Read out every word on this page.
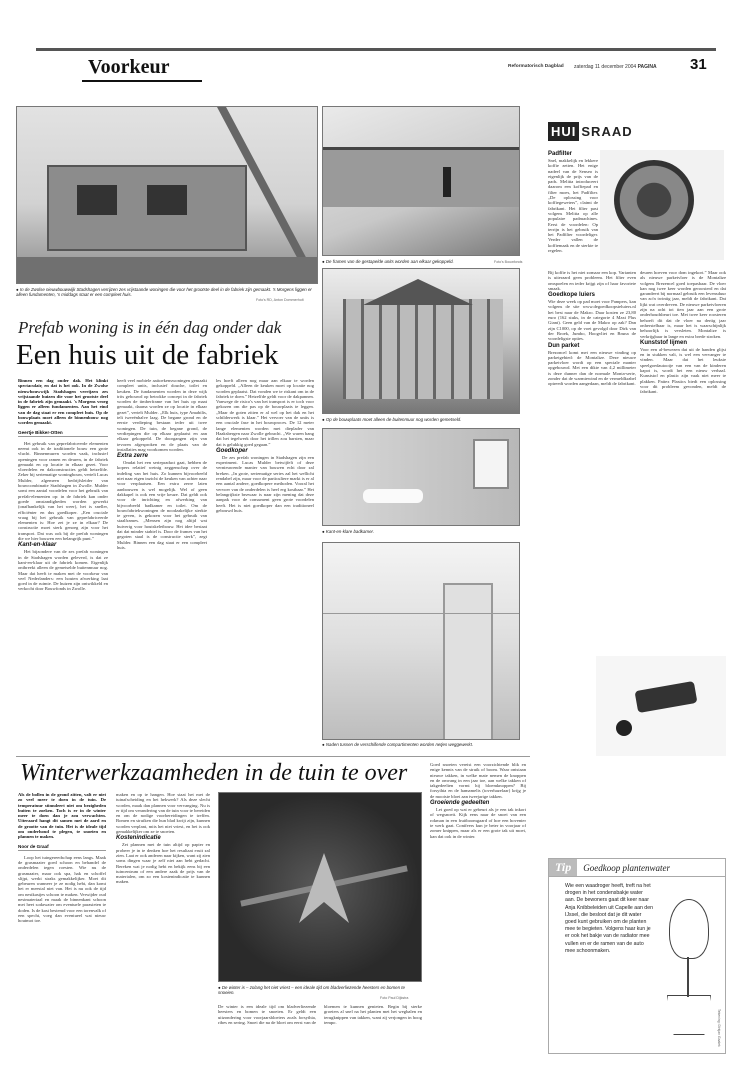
Voorkeur	Reformatorisch Dagblad zaterdag 11 december 2004 PAGINA 31
● In de Zwolse nieuwbouwwijk Stadshagen verrijzen zes vrijstaande woningen die voor het grootste deel in de fabriek zijn gemaakt. 's Morgens liggen er alleen fundamenten, 's middags staat er een compleet huis.
Foto's RD, Anton Dommerholt
● De frames van de gestapelde units worden aan elkaar gekoppeld.	Foto's Bouwfonds
● Op de bouwplaats moet alleen de buitenmuur nog worden gemetseld.
● Kant-en-klare badkamer.
● Naden tussen de verschillende compartimenten worden netjes weggewerkt.
Prefab woning is in één dag onder dak
Een huis uit de fabriek

Binnen een dag onder dak. Het klinkt spectaculair, en dat is het ook. In de Zwolse nieuwbouwwijk Stadshagen verrijzen zes vrijstaande huizen die voor het grootste deel in de fabriek zijn gemaakt. 's Morgens vroeg liggen er alleen fundamenten. Aan het eind van de dag staat er een compleet huis. Op de bouwplaats moet alleen de binnenbouw nog worden gemaakt.

Geertje Bikker-Otten

Het gebruik van geprefabriceerde elementen neemt ook in de traditionele bouw een grote vlucht. Binnenmuren worden vaak, inclusief openingen voor ramen en deuren, in de fabriek gemaakt en op locatie in elkaar gezet. Voor vloerdelen en dakconstructies geldt hetzelfde. Zeker bij seriematige woningbouw, vertelt Lucas Mulder, algemeen bedrijfsleider van bouwcombinatie Stadshagen in Zwolle. Mulder somt een aantal voordelen voor het gebruik van prefab-elementen op: in de fabriek kan onder goede omstandigheden worden gewerkt (onafhankelijk van het weer), het is sneller, efficiënter en dus goedkoper. „Een cruciale vraag bij het gebruik van geprefabriceerde elementen is: Hoe zet je ze in elkaar? De constructie moet sterk genoeg zijn voor het transport. Dat was ook bij de prefab woningen die we hier bouwen een belangrijk punt.”

Kant-en-klaar

Het bijzondere van de zes prefab woningen in de Stadshagen worden geleverd, is dat ze kant-en-klaar uit de fabriek komen. Eigenlijk ontbreekt alleen de gemetselde buitenmuur nog. Maar dat heeft te maken met de voorkeur van veel Nederlanders: een houten afwerking laat goed in de ruimte. De huizen zijn ontwikkeld en verkocht door Bouwfonds in Zwolle.

heeft veel mobiele aaitoekenswoningen gemaakt compleet units, inclusief douche, toilet en keuken. De fundamenten worden in deze wijk trits gebouwd op betrokke concept in de fabriek worden de timberframe van het huis op maat gemaakt, daarna worden ze op locatie in elkaar gezet”, vertelt Mulder. „Elk huis, type Amabilis, telt tweeënhalve laag. De begane grond en de eerste verdieping bestaan ieder uit twee woningen. De tuin, de begane grond, de verdiepingen die op elkaar geplaatst en aan elkaar gekoppeld. De doorgangen zijn van tevoren afgesproken en de plaats van de installaties mag voorkomen worden.

Extra zerre

Omdat het een seriepraduct gaat, hebben de kopers relatief weinig zeggenschap over de indeling van het huis. Zo kunnen bijvoorbeeld niet naar eigen inzicht de keuken van achter naar voor verplaatsen. Een extra zerre laten aanbouwen is wel mogelijk. Wel of geen dakkapel is ook een vrije keuze. Dat geldt ook voor de inrichting en afwerking van bijvoorbeeld badkamer en toilet. Om de bouwfabriekwoningen de noodzakelijke sterkte te geven, is gekozen voor het gebruik van staalframes. „Mensen zijn nog altijd wat huiverig voor houtskeletbouw. Het idee bestaat dat dat minder stabiel is. Door de frames van het gegoten staal is de constructie sterk”, zegt Mulder. Binnen een dag staat er een compleet huis.

les hoeft alleen nog maar aan elkaar te worden gekoppeld. „Alleen de keuken moet op locatie nog worden geplaatst. Dat vonden we te riskant om in de fabriek te doen.” Hetzelfde geldt voor de dakpannen. Vanwege de risico's van het transport is er toch voor gekozen om die pas op de bouwplaats te leggen. „Maar de goten zitten er al wel op het dak en het schilderwerk is klaar.” Het vervoer van de units is een cruciale fase in het bouwproces. De 12 meter lange elementen worden met dieplader van Haaksbergen naar Zwolle gebracht. „We waren bang dat het tegelwerk door het trillen zou barsten, maar dat is gelukkig goed gegaan.”

Goedkoper

De zes prefab woningen in Stadshagen zijn een experiment. Lucas Mulder betwijfelt of deze vernieuwende manier van bouwen echt door zal breken. „In grote, seriematige series zal het wellicht rendabel zijn, maar voor de particuliere markt is er al een aantal andere, goedkopere methoden. Vooral het vervoer van de onderdelen is heel erg kostbaar.” Het belangrijkste bezwaar is naar zijn mening dat deze aanpak voor de consument geen grote voordelen heeft. Het is niet goedkoper dan een traditioneel gebouwd huis.

HUI SRAAD
Padfilter

Snel, makkelijk en lekkere koffie zetten. Het enige nadeel van de Senseo is eigenlijk de prijs van de pads. Melitta introduceert daarom een koffiepad en filter moes, het Padfilter. „De oplossing voor koffiegeweters”, claimt de fabrikant. Het filter past volgens Melitta op alle populaire padmachines. Eerst de voordelen: Op terrijn is het gebruik van het Padfilter voordeliger. Verder vallen de koffiemaak en de sterkte te regelen.

Bij koffie is het niet zomaar een kop. Varianten is uiteraard geen probleem. Het filter even omspoelen en ieder krijgt zijn of haar favoriete smaak.

Goedkope luiers

Wie deze week op pad moet voor Pampers, kan volgens de site www.degoedkoopsteluiers.nl het best naar de Makro. Daar kosten ze 23,80 euro (162 stuks, in de categorie 4 Maxi Plus Giant). Geen geld van de Makro op zak? Dan zijn C1000, op de voet gevolgd door Dirk van der Broek, Jumbo, Hoogvliet en Bruna de voordeligste opties.

Dun parket

Brezoncel komt met een nieuwe vinding op parketgebied: de Montalize. Deze nieuwe parketvloer wordt op een speciale manier opgebouwd. Met een dikte van 4,2 millimeter is deze dunner dan de normale Monta-serie, zonder dat de warmtewind en de vermeldkrabel optreedt worden aangedaan, meldt de fabrikant.

deuren hoeven voor dom ingekort.” Maar ook als nieuwe parketvloer is de Montalize volgens Brezencel goed toepasbaar. De vloer kan nog twee keer worden geroosterd en dat garandeert bij normaal gebruik een levensduur van zo'n twintig jaar, meldt de fabrikant. Dat lijkt wat overdreven. De nieuwe parketvloeren zijn na acht tot tien jaar aan een grote onderhoudsbeurt toe. Met twee keer roosteren behoeft dit dat de vloer na dertig jaar onherstelbaar is, maar het is waarschijnlijk behoorlijk is versleten. Montalize is verkrijgbaar in lange en extra brede stroken.

Kunststof lijmen

Voor een al-bewezen dat uit de handen glijst en in stukken valt, is wel een vervanger te vinden. Maar dat het leukste speelgoedautootje van een van de kinderen kapot is, wordt het een nieuw verhaal. Kunststof en plastic zijn vaak niet meer te plakken. Pattex Plastics biedt een oplossing voor dit probleem gevonden, meldt de fabrikant.

Winterwerkzaamheden in de tuin te over

Als de bollen in de grond zitten, valt er niet zo veel meer te doen in de tuin. De temperatuur stimuleert niet om bezigheden buiten te zoeken. Toch is er in de winter meer te doen dan je zou verwachten. Uiteraard hangt dit samen met de aard en de grootte van de tuin. Het is de ideale tijd om onderhoud te plegen, te snoeien en plannen te maken.

Noor de Graaf

Loop het tuingereedschap eens langs. Maak de grasmaaier goed schoon en behandel de onderdelen tegen roesten. Wie nu de grasmaaier, maar ook spa, hak en schoffel slijpt, werkt straks gemakkelijker. Moet dit gebeuren wanneer je ze nodig hebt, dan komt het er meestal niet van. Het is nu ook de tijd om nestkastjes schoon te maken. Verwijder oud nestmateriaal en maak de binnenkant schoon met heet sodawater om eventuele parasieten te doden. Is de kast bestemd voor een torenvalk of een specht, voeg dan eventueel wat nieuw houtmot toe.

maken en op te hangen. Hoe staat het met de tuinafscheiding en het hekwerk? Als deze slecht worden, maak dan plannen voor vervanging. Nu is er tijd om verandering van de tuin voor te bereiden en om de nodige voorbereidingen te treffen. Bomen en struiken die hun blad kwijt zijn, kunnen worden verplant, mits het niet vriest, en het is ook gemakkelijker om ze te snoeien.

Kostenindicatie

Zet plannen met de tuin altijd op papier en probeer je in te denken hoe het resultaat eruit zal zien. Laat er ook anderen naar kijken, want zij zien soms dingen waar je zelf niet aan hebt gedacht. Bereken wat je nodig hebt en bekijk eens bij een tuincentrum of een andere zaak de prijs van de materialen, om zo een kostenindicatie te kunnen maken.

● De winter is – zolang het niet vriest – een ideale tijd om bladverliezende heesters en bomen te snoeien.
Foto Paul Dijkstra

De winter is een ideale tijd om bladverliezende heesters en bomen te snoeien. Er geldt een uitzondering voor voorjaarsbloeiers zoals forsythia, ribes en sering. Snoei die na de bloei om eerst van de bloemen te kunnen genieten. Begin bij sterke groeiers al snel na het planten met het wegbalen en terugknippen van takken, want zij verjongen in hoog tempo.

Goed snoeien vereist een voorzichtende blik en enige kennis van de struik of boom. Waar ontstaan nieuwe takken, in welke mate nemen de knoppen en de omvang in een jaar toe, aan welke takken of takgedeelten vormt hij bloemknoppen? Bij forsythia en de hamamelis (toverhazelaar) krijg je de mooiste bloei aan tweejarige takken.

Groeiende gedeelten

Let goed op wat er gebeurt als je een tak inkort of wegsnoeit. Kijk eens naar de snoei van een rokman in een fruitboomgaard of hoe een hovenier te werk gaat. Conifeers kun je beter in voorjaar of zomer knippen, maar als er een grote tak uit moet, kan dat ook in de winter.

Tip	Goedkoop plantenwater
Wie een waadroger heeft, treft na het drogen in het condensbakje water aan. De bewoners gaat dit keer naar Anja Knibbeleiden uit Capelle aan den IJssel, die besloot dat je dit water goed kunt gebruiken om de planten mee te begieten. Volgens haar kun je er ook het bakje van de radiator mee vullen en er de ramen van de auto mee schoonmaken.
Tekening: Dirkjan Gaalek
